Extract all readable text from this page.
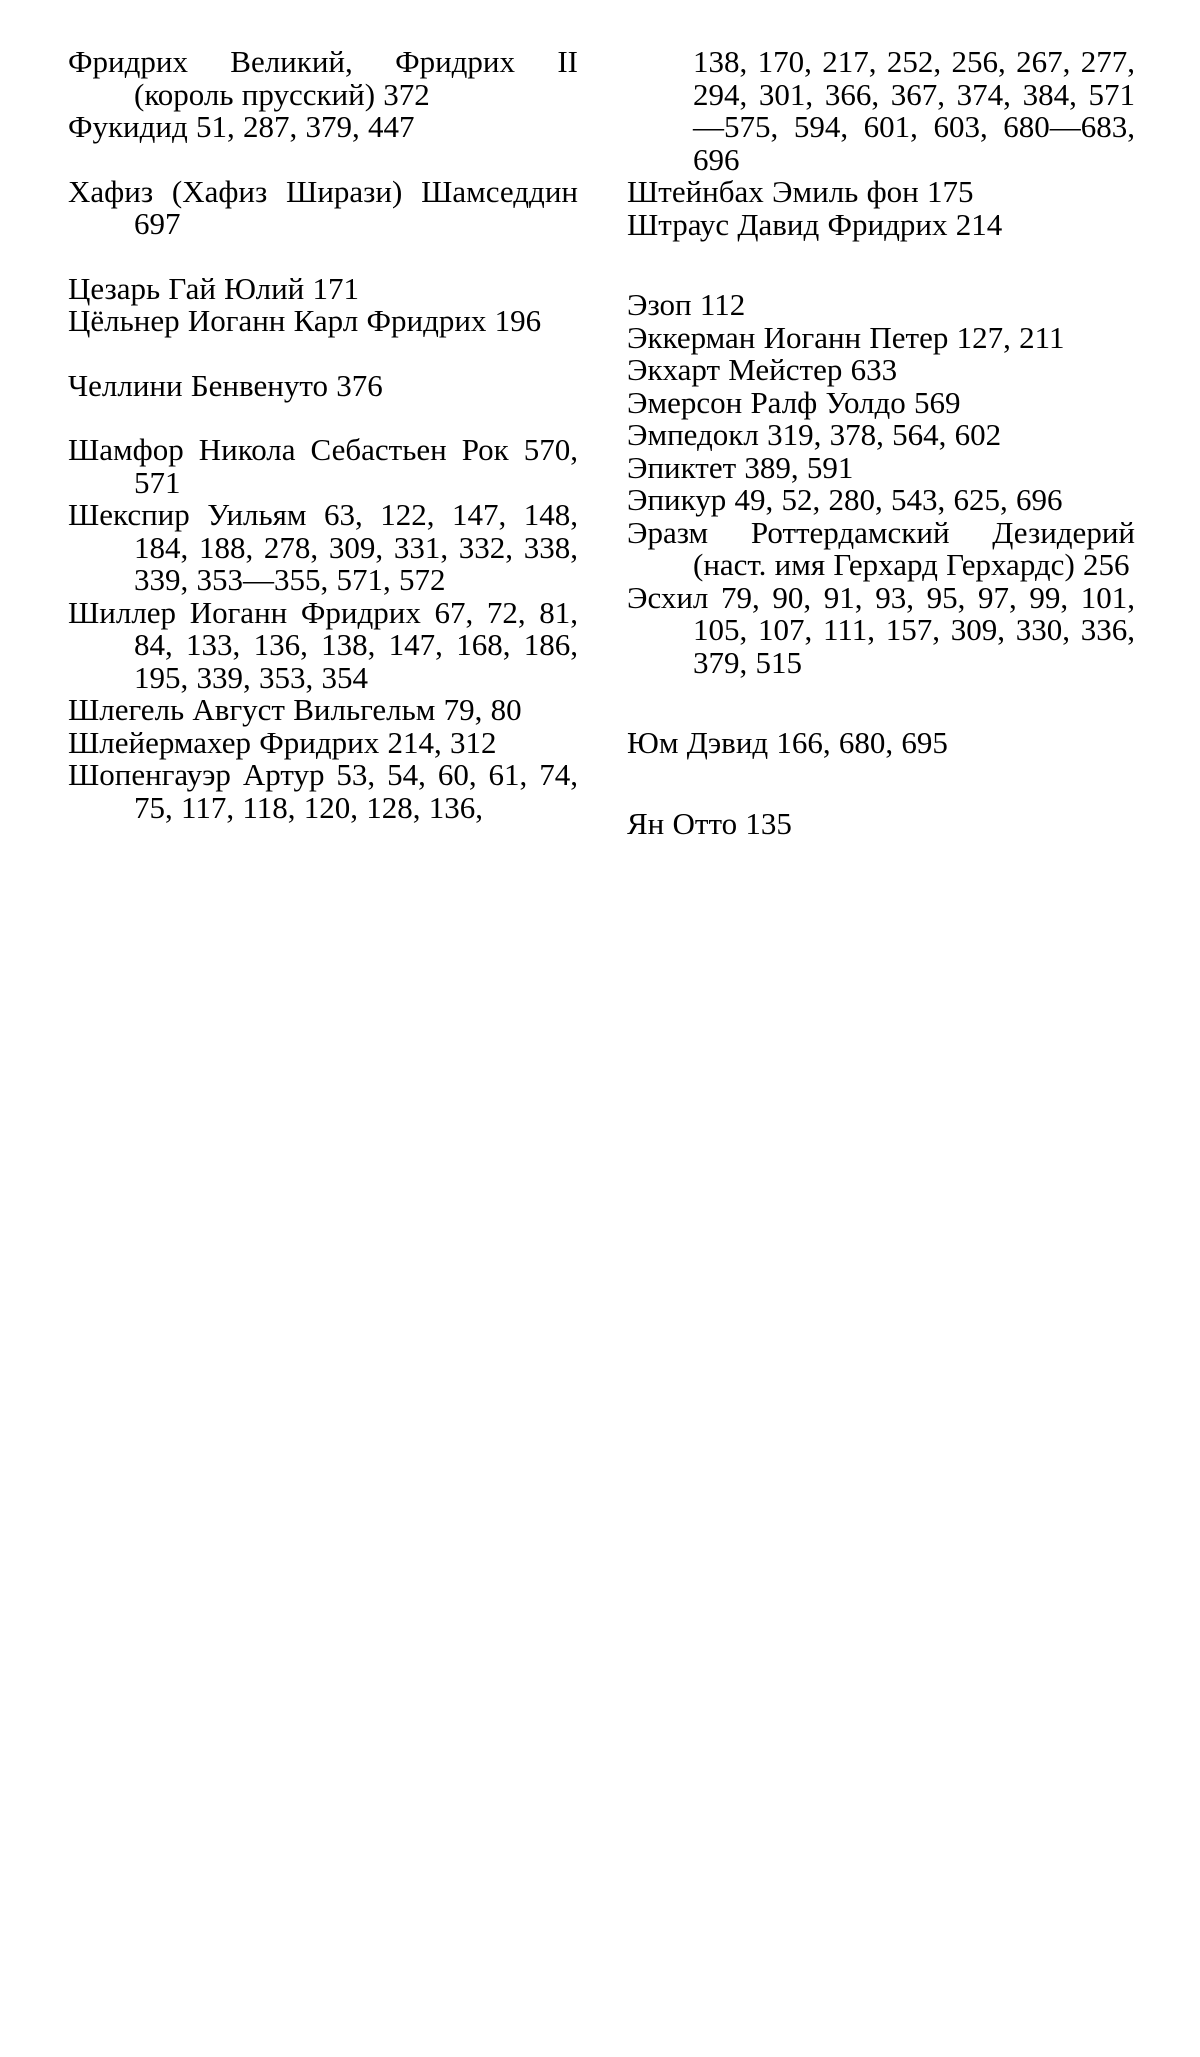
Фридрих Великий, Фридрих II (король прусский) 372

Фукидид 51, 287, 379, 447

Хафиз (Хафиз Ширази) Шамседдин 697

Цезарь Гай Юлий 171

Цёльнер Иоганн Карл Фридрих 196

Челлини Бенвенуто 376

Шамфор Никола Себастьен Рок 570, 571

Шекспир Уильям 63, 122, 147, 148, 184, 188, 278, 309, 331, 332, 338, 339, 353—355, 571, 572

Шиллер Иоганн Фридрих 67, 72, 81, 84, 133, 136, 138, 147, 168, 186, 195, 339, 353, 354

Шлегель Август Вильгельм 79, 80

Шлейермахер Фридрих 214, 312

Шопенгауэр Артур 53, 54, 60, 61, 74, 75, 117, 118, 120, 128, 136,

138, 170, 217, 252, 256, 267, 277, 294, 301, 366, 367, 374, 384, 571—575, 594, 601, 603, 680—683, 696

Штейнбах Эмиль фон 175

Штраус Давид Фридрих 214

Эзоп 112

Эккерман Иоганн Петер 127, 211

Экхарт Мейстер 633

Эмерсон Ралф Уолдо 569

Эмпедокл 319, 378, 564, 602

Эпиктет 389, 591

Эпикур 49, 52, 280, 543, 625, 696

Эразм Роттердамский Дезидерий (наст. имя Герхард Герхардс) 256

Эсхил 79, 90, 91, 93, 95, 97, 99, 101, 105, 107, 111, 157, 309, 330, 336, 379, 515

Юм Дэвид 166, 680, 695

Ян Отто 135
